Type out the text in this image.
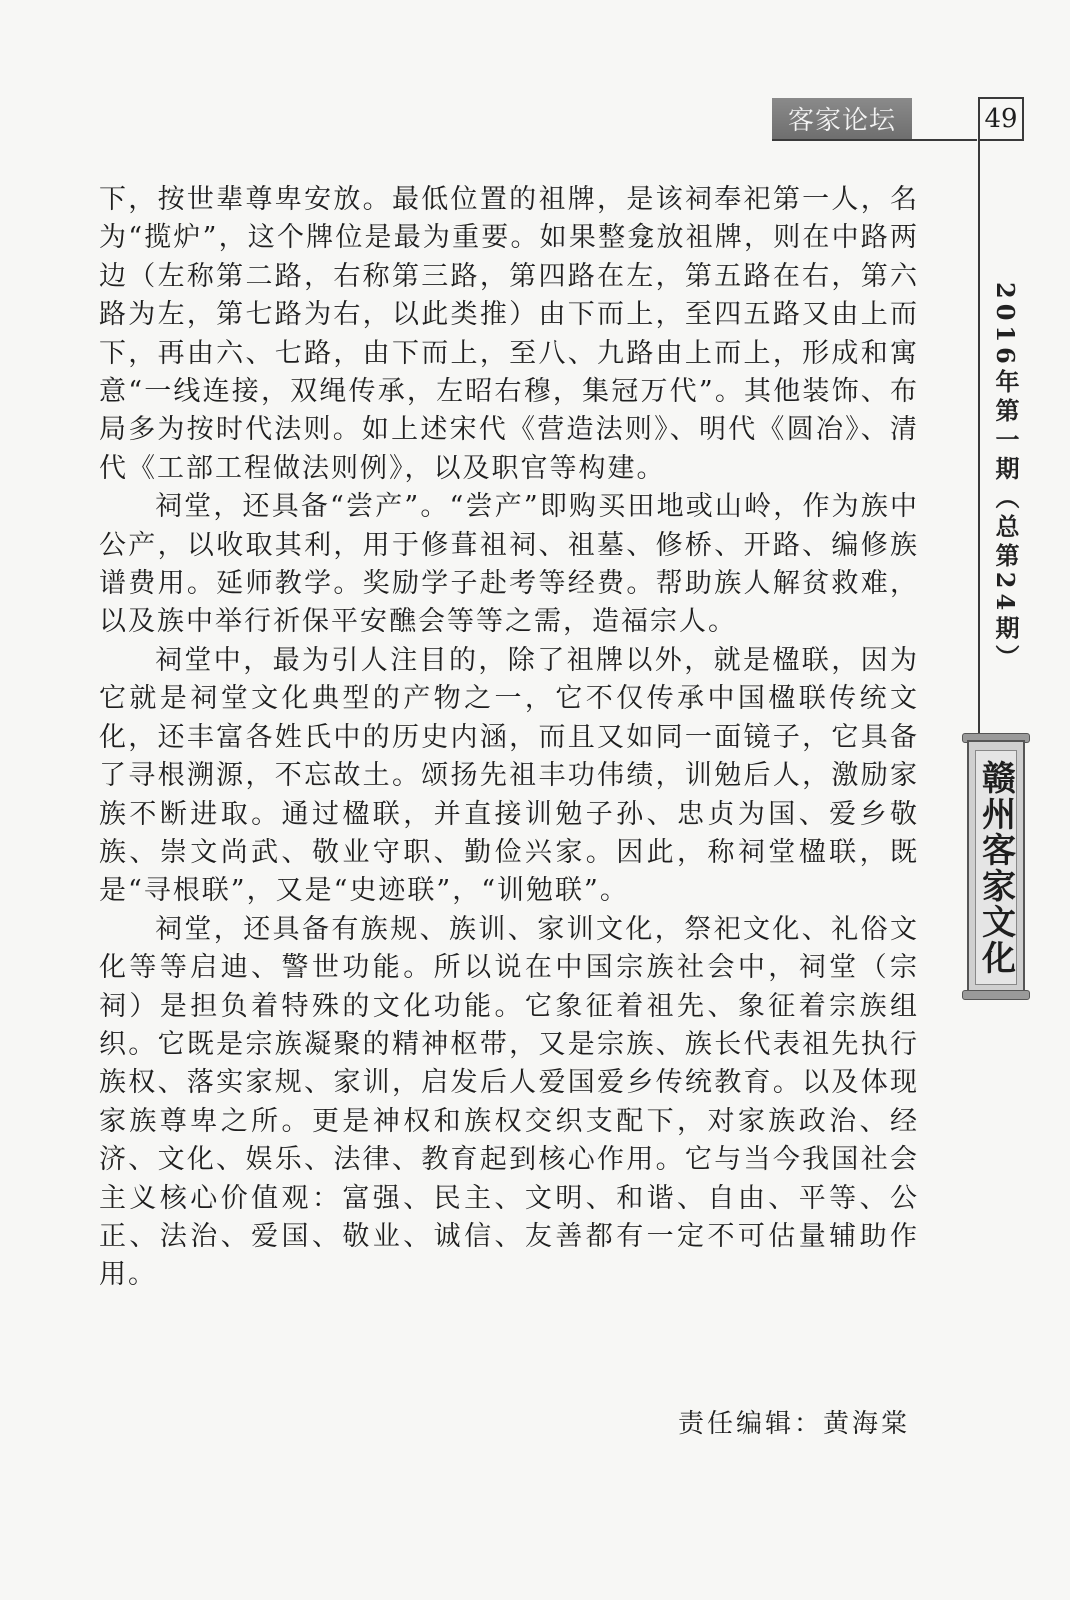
客家论坛	49
2016年第一期（总第24期）
赣州客家文化

下，按世辈尊卑安放。最低位置的祖牌，是该祠奉祀第一人，名为“揽炉”，这个牌位是最为重要。如果整龛放祖牌，则在中路两边（左称第二路，右称第三路，第四路在左，第五路在右，第六路为左，第七路为右，以此类推）由下而上，至四五路又由上而下，再由六、七路，由下而上，至八、九路由上而上，形成和寓意“一线连接，双绳传承，左昭右穆，集冠万代”。其他装饰、布局多为按时代法则。如上述宋代《营造法则》、明代《圆冶》、清代《工部工程做法则例》，以及职官等构建。

祠堂，还具备“尝产”。“尝产”即购买田地或山岭，作为族中公产，以收取其利，用于修葺祖祠、祖墓、修桥、开路、编修族谱费用。延师教学。奖励学子赴考等经费。帮助族人解贫救难，以及族中举行祈保平安醮会等等之需，造福宗人。

祠堂中，最为引人注目的，除了祖牌以外，就是楹联，因为它就是祠堂文化典型的产物之一，它不仅传承中国楹联传统文化，还丰富各姓氏中的历史内涵，而且又如同一面镜子，它具备了寻根溯源，不忘故土。颂扬先祖丰功伟绩，训勉后人，激励家族不断进取。通过楹联，并直接训勉子孙、忠贞为国、爱乡敬族、崇文尚武、敬业守职、勤俭兴家。因此，称祠堂楹联，既是“寻根联”，又是“史迹联”，“训勉联”。

祠堂，还具备有族规、族训、家训文化，祭祀文化、礼俗文化等等启迪、警世功能。所以说在中国宗族社会中，祠堂（宗祠）是担负着特殊的文化功能。它象征着祖先、象征着宗族组织。它既是宗族凝聚的精神枢带，又是宗族、族长代表祖先执行族权、落实家规、家训，启发后人爱国爱乡传统教育。以及体现家族尊卑之所。更是神权和族权交织支配下，对家族政治、经济、文化、娱乐、法律、教育起到核心作用。它与当今我国社会主义核心价值观：富强、民主、文明、和谐、自由、平等、公正、法治、爱国、敬业、诚信、友善都有一定不可估量辅助作用。

责任编辑：黄海棠
